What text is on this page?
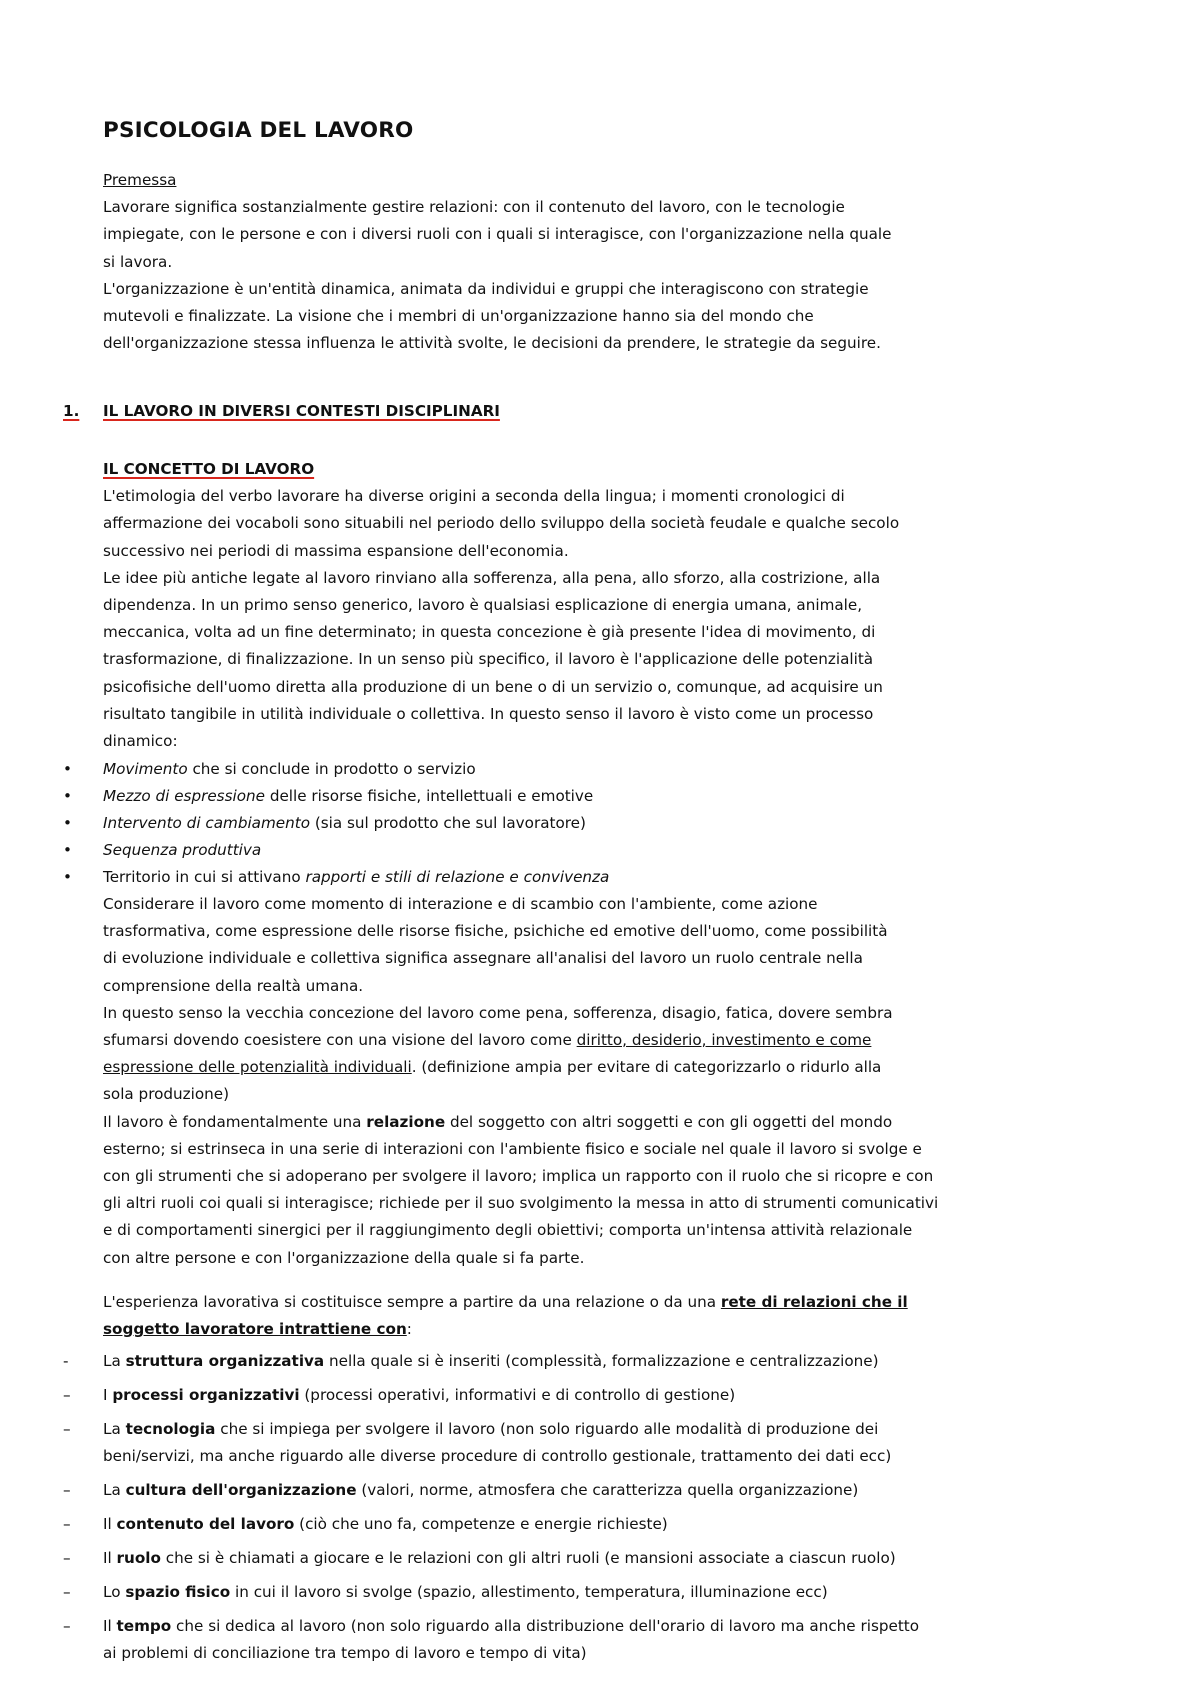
PSICOLOGIA DEL LAVORO
Premessa
Lavorare significa sostanzialmente gestire relazioni: con il contenuto del lavoro, con le tecnologie
impiegate, con le persone e con i diversi ruoli con i quali si interagisce, con l'organizzazione nella quale
si lavora.
L'organizzazione è un'entità dinamica, animata da individui e gruppi che interagiscono con strategie
mutevoli e finalizzate. La visione che i membri di un'organizzazione hanno sia del mondo che
dell'organizzazione stessa influenza le attività svolte, le decisioni da prendere, le strategie da seguire.
1. IL LAVORO IN DIVERSI CONTESTI DISCIPLINARI
IL CONCETTO DI LAVORO
L'etimologia del verbo lavorare ha diverse origini a seconda della lingua; i momenti cronologici di
affermazione dei vocaboli sono situabili nel periodo dello sviluppo della società feudale e qualche secolo
successivo nei periodi di massima espansione dell'economia.
Le idee più antiche legate al lavoro rinviano alla sofferenza, alla pena, allo sforzo, alla costrizione, alla
dipendenza. In un primo senso generico, lavoro è qualsiasi esplicazione di energia umana, animale,
meccanica, volta ad un fine determinato; in questa concezione è già presente l'idea di movimento, di
trasformazione, di finalizzazione. In un senso più specifico, il lavoro è l'applicazione delle potenzialità
psicofisiche dell'uomo diretta alla produzione di un bene o di un servizio o, comunque, ad acquisire un
risultato tangibile in utilità individuale o collettiva. In questo senso il lavoro è visto come un processo
dinamico:
•	Movimento che si conclude in prodotto o servizio
•	Mezzo di espressione delle risorse fisiche, intellettuali e emotive
•	Intervento di cambiamento (sia sul prodotto che sul lavoratore)
•	Sequenza produttiva
•	Territorio in cui si attivano rapporti e stili di relazione e convivenza
Considerare il lavoro come momento di interazione e di scambio con l'ambiente, come azione
trasformativa, come espressione delle risorse fisiche, psichiche ed emotive dell'uomo, come possibilità
di evoluzione individuale e collettiva significa assegnare all'analisi del lavoro un ruolo centrale nella
comprensione della realtà umana.
In questo senso la vecchia concezione del lavoro come pena, sofferenza, disagio, fatica, dovere sembra
sfumarsi dovendo coesistere con una visione del lavoro come diritto, desiderio, investimento e come
espressione delle potenzialità individuali. (definizione ampia per evitare di categorizzarlo o ridurlo alla
sola produzione)
Il lavoro è fondamentalmente una relazione del soggetto con altri soggetti e con gli oggetti del mondo
esterno; si estrinseca in una serie di interazioni con l'ambiente fisico e sociale nel quale il lavoro si svolge e
con gli strumenti che si adoperano per svolgere il lavoro; implica un rapporto con il ruolo che si ricopre e con
gli altri ruoli coi quali si interagisce; richiede per il suo svolgimento la messa in atto di strumenti comunicativi
e di comportamenti sinergici per il raggiungimento degli obiettivi; comporta un'intensa attività relazionale
con altre persone e con l'organizzazione della quale si fa parte.
L'esperienza lavorativa si costituisce sempre a partire da una relazione o da una rete di relazioni che il
soggetto lavoratore intrattiene con:
-	La struttura organizzativa nella quale si è inseriti (complessità, formalizzazione e centralizzazione)
–	I processi organizzativi (processi operativi, informativi e di controllo di gestione)
–	La tecnologia che si impiega per svolgere il lavoro (non solo riguardo alle modalità di produzione dei
beni/servizi, ma anche riguardo alle diverse procedure di controllo gestionale, trattamento dei dati ecc)
–	La cultura dell'organizzazione (valori, norme, atmosfera che caratterizza quella organizzazione)
–	Il contenuto del lavoro (ciò che uno fa, competenze e energie richieste)
–	Il ruolo che si è chiamati a giocare e le relazioni con gli altri ruoli (e mansioni associate a ciascun ruolo)
–	Lo spazio fisico in cui il lavoro si svolge (spazio, allestimento, temperatura, illuminazione ecc)
–	Il tempo che si dedica al lavoro (non solo riguardo alla distribuzione dell'orario di lavoro ma anche rispetto
ai problemi di conciliazione tra tempo di lavoro e tempo di vita)
